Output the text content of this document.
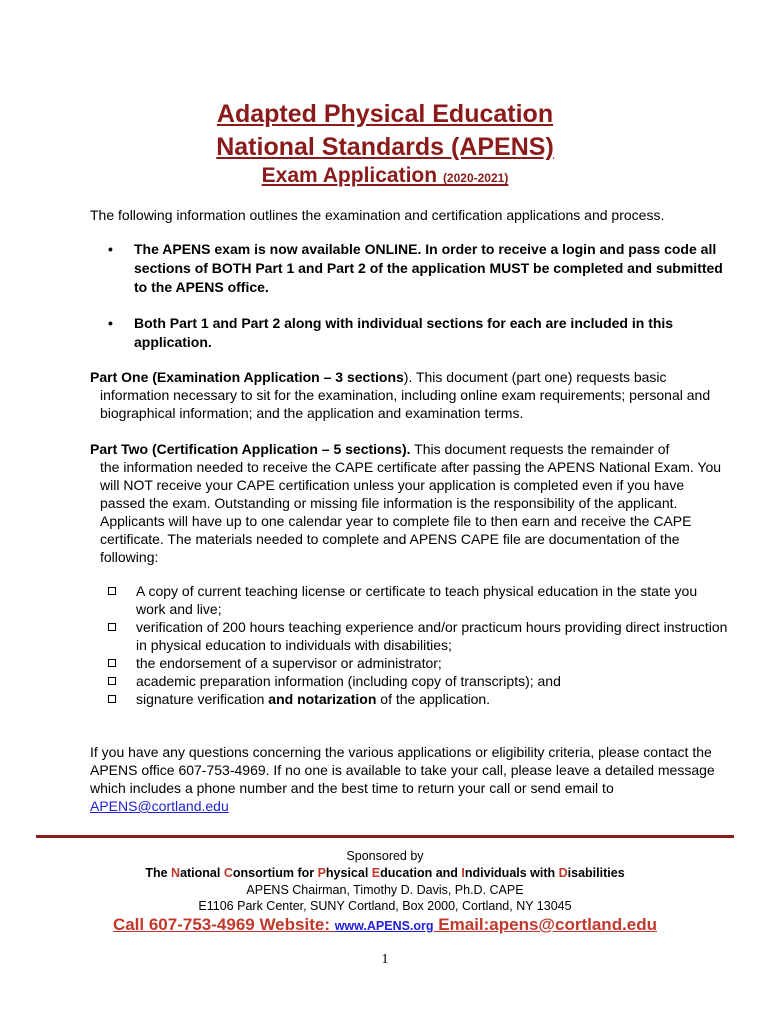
Adapted Physical Education
National Standards (APENS)
Exam Application (2020-2021)
The following information outlines the examination and certification applications and process.
• The APENS exam is now available ONLINE. In order to receive a login and pass code all sections of BOTH Part 1 and Part 2 of the application MUST be completed and submitted to the APENS office.
• Both Part 1 and Part 2 along with individual sections for each are included in this application.
Part One (Examination Application – 3 sections). This document (part one) requests basic
information necessary to sit for the examination, including online exam requirements; personal and biographical information; and the application and examination terms.
Part Two (Certification Application – 5 sections). This document requests the remainder of
the information needed to receive the CAPE certificate after passing the APENS National Exam. You will NOT receive your CAPE certification unless your application is completed even if you have passed the exam. Outstanding or missing file information is the responsibility of the applicant. Applicants will have up to one calendar year to complete file to then earn and receive the CAPE certificate. The materials needed to complete and APENS CAPE file are documentation of the following:
A copy of current teaching license or certificate to teach physical education in the state you work and live;
verification of 200 hours teaching experience and/or practicum hours providing direct instruction in physical education to individuals with disabilities;
the endorsement of a supervisor or administrator;
academic preparation information (including copy of transcripts); and
signature verification and notarization of the application.
If you have any questions concerning the various applications or eligibility criteria, please contact the APENS office 607-753-4969. If no one is available to take your call, please leave a detailed message which includes a phone number and the best time to return your call or send email to APENS@cortland.edu
Sponsored by
The National Consortium for Physical Education and Individuals with Disabilities
APENS Chairman, Timothy D. Davis, Ph.D. CAPE
E1106 Park Center, SUNY Cortland, Box 2000, Cortland, NY 13045
Call 607-753-4969 Website: www.APENS.org Email:apens@cortland.edu
1
